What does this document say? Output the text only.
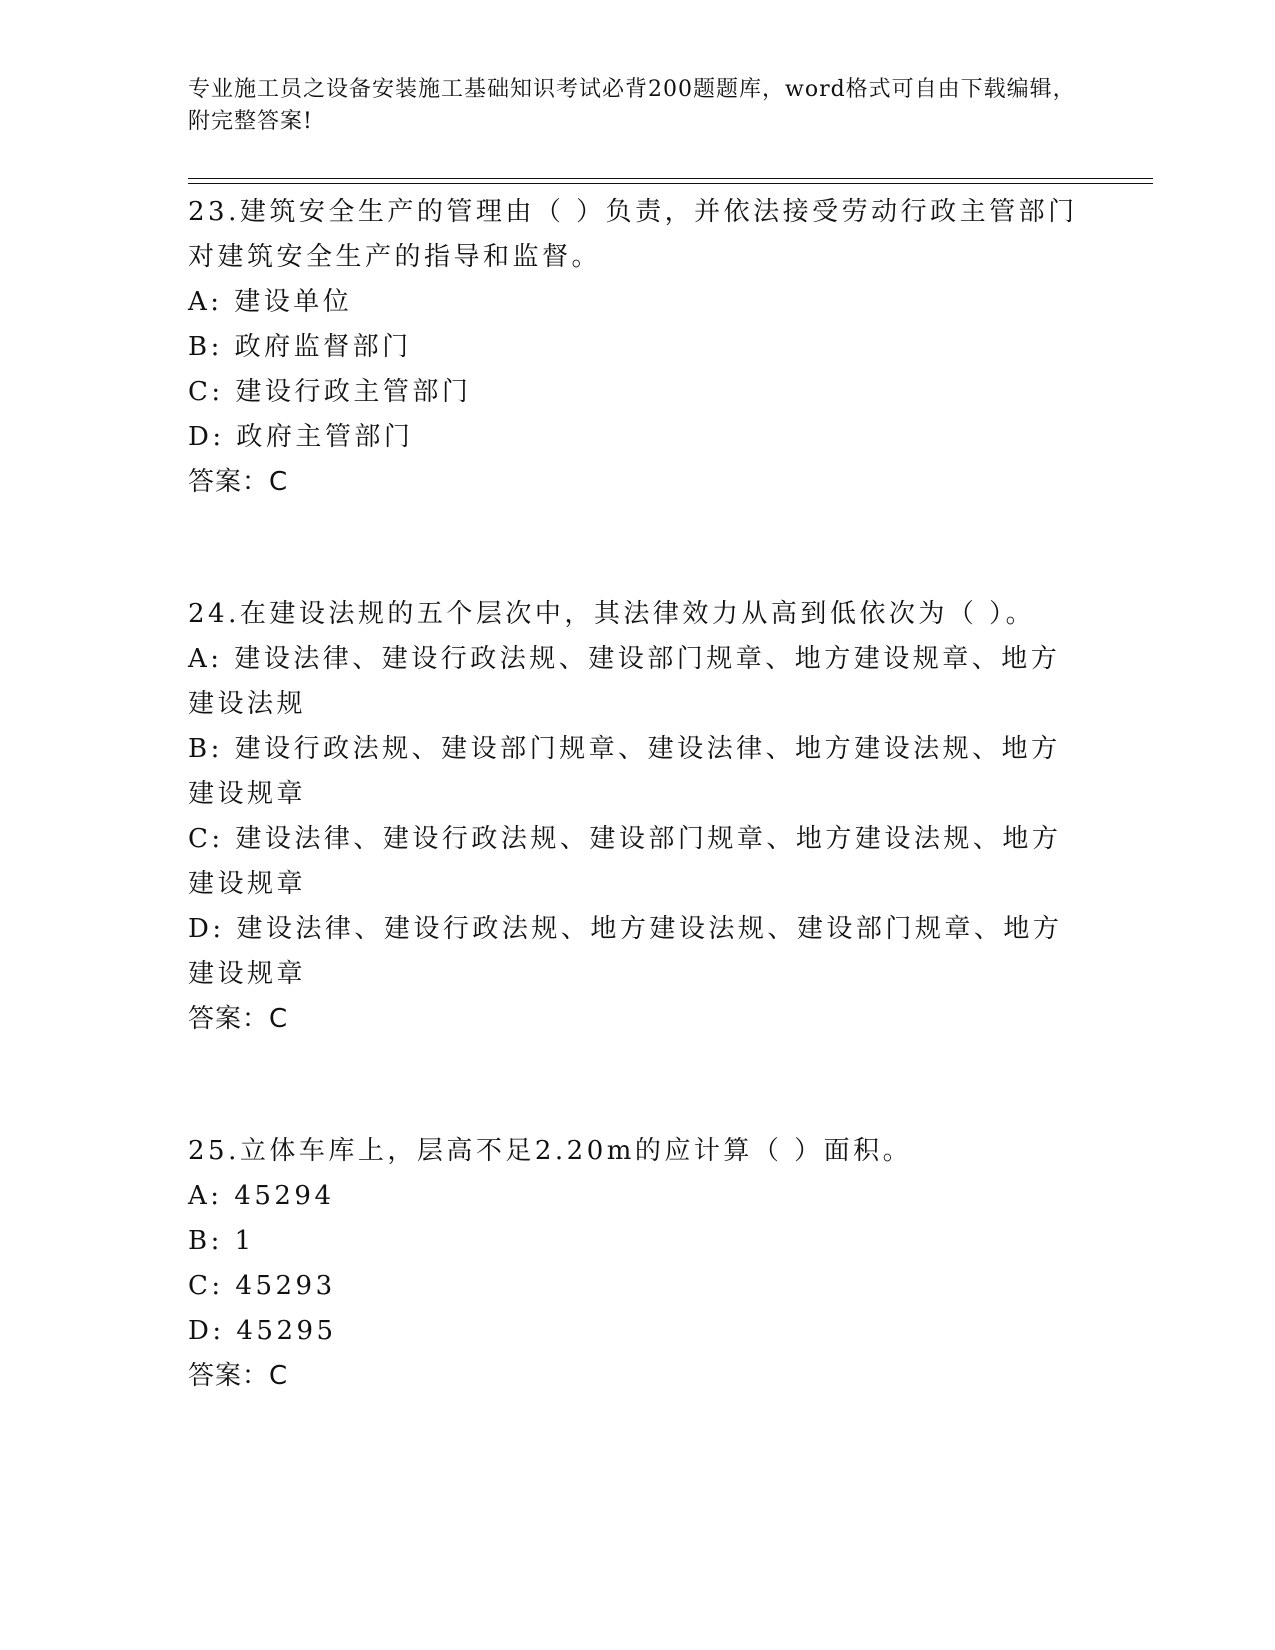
专业施工员之设备安装施工基础知识考试必背200题题库，word格式可自由下载编辑，附完整答案!

23.建筑安全生产的管理由（ ）负责，并依法接受劳动行政主管部门对建筑安全生产的指导和监督。

A: 建设单位

B: 政府监督部门

C: 建设行政主管部门

D: 政府主管部门

答案：C

24.在建设法规的五个层次中，其法律效力从高到低依次为（ ）。

A: 建设法律、建设行政法规、建设部门规章、地方建设规章、地方建设法规

B: 建设行政法规、建设部门规章、建设法律、地方建设法规、地方建设规章

C: 建设法律、建设行政法规、建设部门规章、地方建设法规、地方建设规章

D: 建设法律、建设行政法规、地方建设法规、建设部门规章、地方建设规章

答案：C

25.立体车库上，层高不足2.20m的应计算（ ）面积。

A: 45294

B: 1

C: 45293

D: 45295

答案：C
